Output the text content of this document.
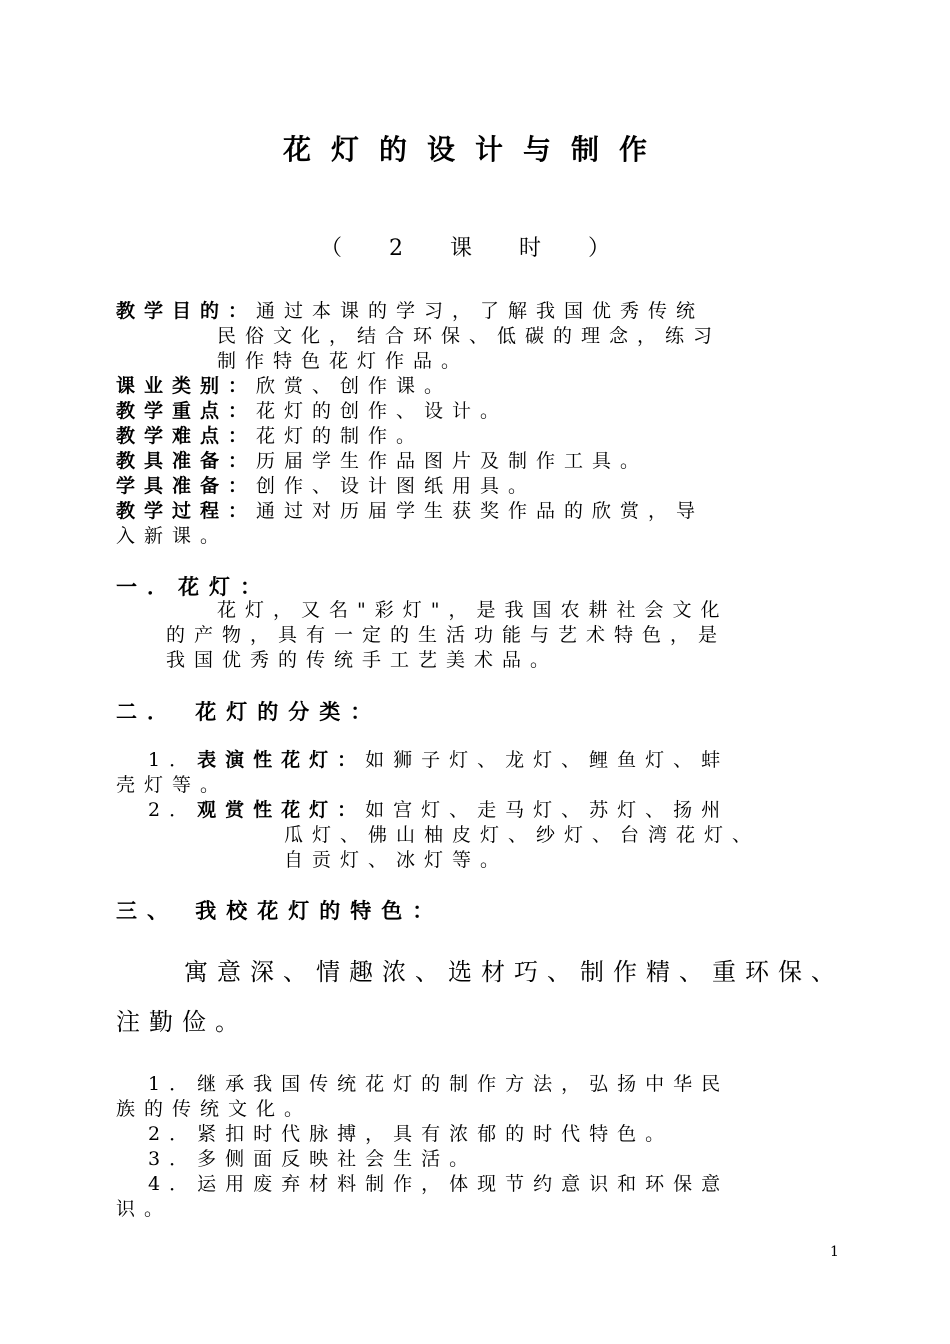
花灯的设计与制作
（ 2 课 时 ）
教学目的：通过本课的学习，了解我国优秀传统
民俗文化，结合环保、低碳的理念，练习
制作特色花灯作品。
课业类别：欣赏、创作课。
教学重点：花灯的创作、设计。
教学难点：花灯的制作。
教具准备：历届学生作品图片及制作工具。
学具准备：创作、设计图纸用具。
教学过程：通过对历届学生获奖作品的欣赏，导
入新课。
一．花灯：
花灯，又名"彩灯"，是我国农耕社会文化
的产物，具有一定的生活功能与艺术特色，是
我国优秀的传统手工艺美术品。
二． 花灯的分类：
1．表演性花灯：如狮子灯、龙灯、鲤鱼灯、蚌
壳灯等。
2．观赏性花灯：如宫灯、走马灯、苏灯、扬州
瓜灯、佛山柚皮灯、纱灯、台湾花灯、
自贡灯、冰灯等。
三、 我校花灯的特色：
寓意深、情趣浓、选材巧、制作精、重环保、
注勤俭。
1．继承我国传统花灯的制作方法，弘扬中华民
族的传统文化。
2．紧扣时代脉搏，具有浓郁的时代特色。
3．多侧面反映社会生活。
4．运用废弃材料制作，体现节约意识和环保意
识。
1
